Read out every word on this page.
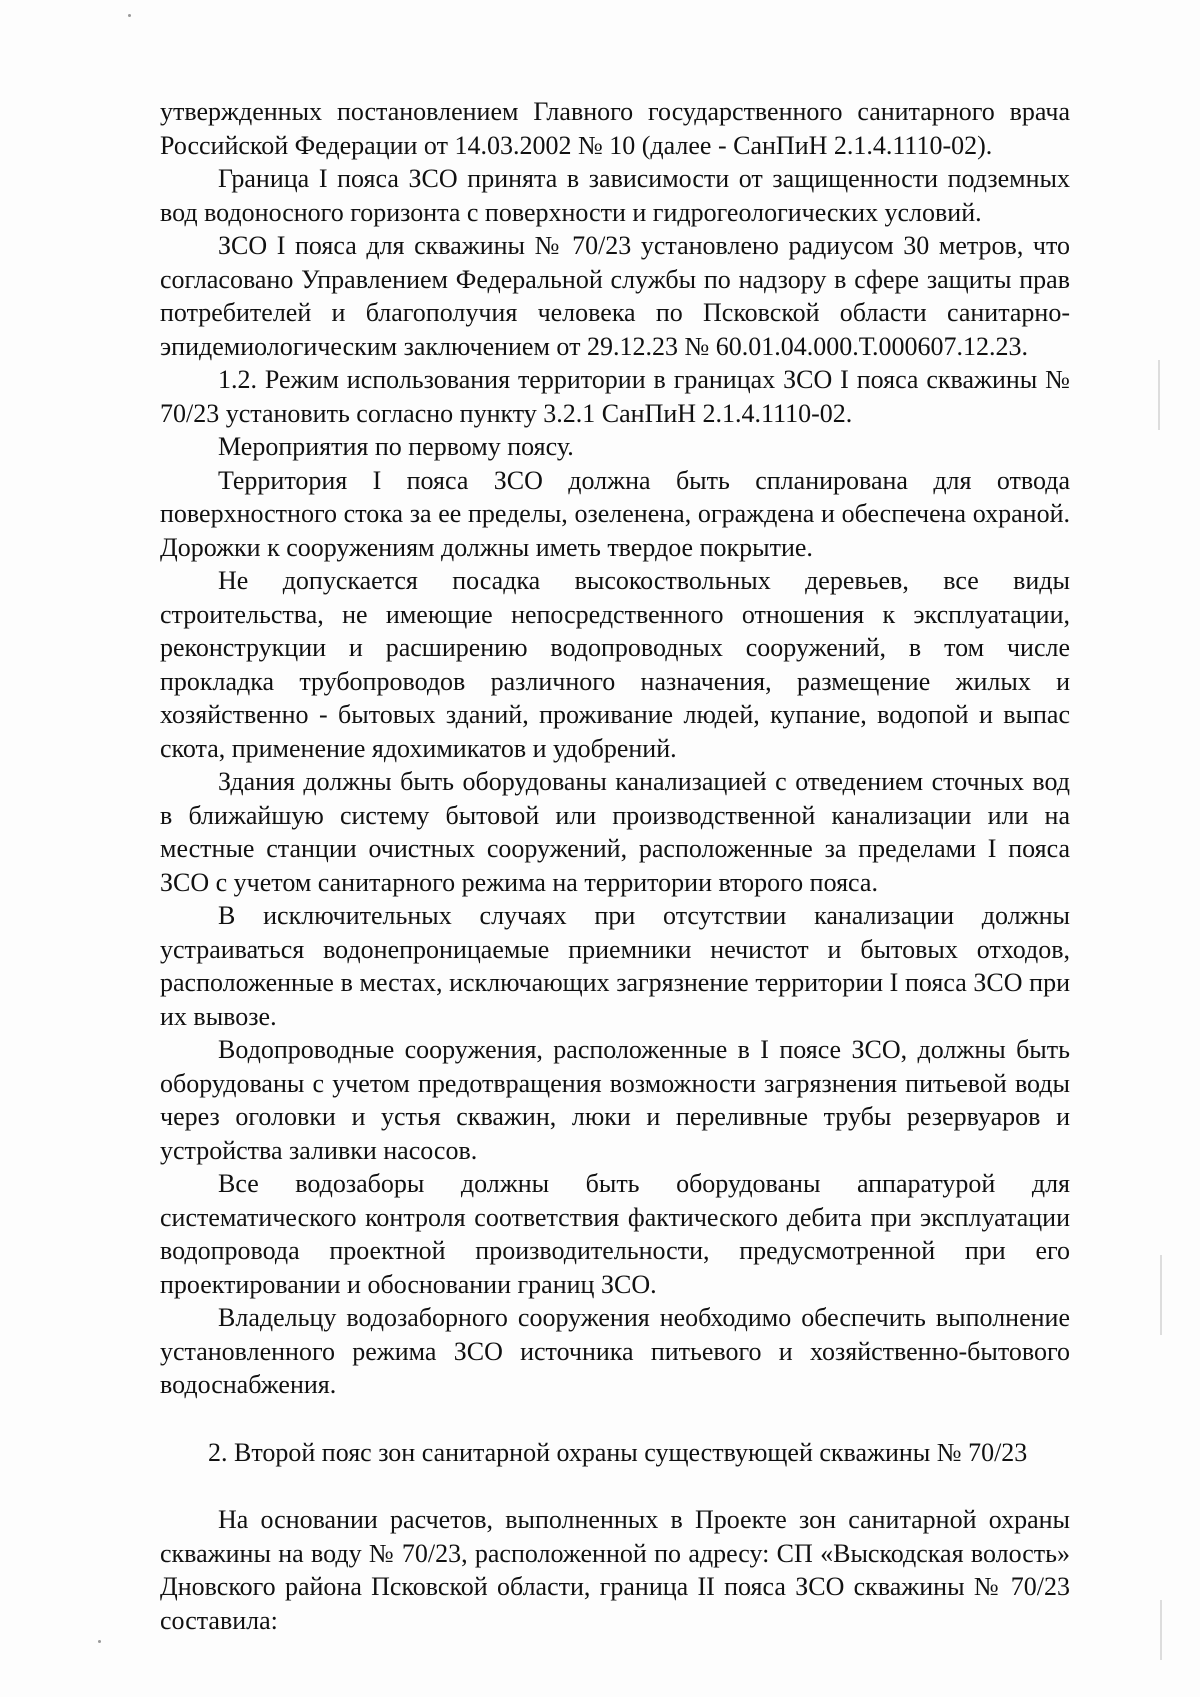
утвержденных постановлением Главного государственного санитарного врача Российской Федерации от 14.03.2002 № 10 (далее - СанПиН 2.1.4.1110-02).

Граница I пояса ЗСО принята в зависимости от защищенности подземных вод водоносного горизонта с поверхности и гидрогеологических условий.

ЗСО I пояса для скважины № 70/23 установлено радиусом 30 метров, что согласовано Управлением Федеральной службы по надзору в сфере защиты прав потребителей и благополучия человека по Псковской области санитарно-эпидемиологическим заключением от 29.12.23 № 60.01.04.000.Т.000607.12.23.

1.2. Режим использования территории в границах ЗСО I пояса скважины № 70/23 установить согласно пункту 3.2.1 СанПиН 2.1.4.1110-02.

Мероприятия по первому поясу.

Территория I пояса ЗСО должна быть спланирована для отвода поверхностного стока за ее пределы, озеленена, ограждена и обеспечена охраной. Дорожки к сооружениям должны иметь твердое покрытие.

Не допускается посадка высокоствольных деревьев, все виды строительства, не имеющие непосредственного отношения к эксплуатации, реконструкции и расширению водопроводных сооружений, в том числе прокладка трубопроводов различного назначения, размещение жилых и хозяйственно - бытовых зданий, проживание людей, купание, водопой и выпас скота, применение ядохимикатов и удобрений.

Здания должны быть оборудованы канализацией с отведением сточных вод в ближайшую систему бытовой или производственной канализации или на местные станции очистных сооружений, расположенные за пределами I пояса ЗСО с учетом санитарного режима на территории второго пояса.

В исключительных случаях при отсутствии канализации должны устраиваться водонепроницаемые приемники нечистот и бытовых отходов, расположенные в местах, исключающих загрязнение территории I пояса ЗСО при их вывозе.

Водопроводные сооружения, расположенные в I поясе ЗСО, должны быть оборудованы с учетом предотвращения возможности загрязнения питьевой воды через оголовки и устья скважин, люки и переливные трубы резервуаров и устройства заливки насосов.

Все водозаборы должны быть оборудованы аппаратурой для систематического контроля соответствия фактического дебита при эксплуатации водопровода проектной производительности, предусмотренной при его проектировании и обосновании границ ЗСО.

Владельцу водозаборного сооружения необходимо обеспечить выполнение установленного режима ЗСО источника питьевого и хозяйственно-бытового водоснабжения.

2. Второй пояс зон санитарной охраны существующей скважины № 70/23

На основании расчетов, выполненных в Проекте зон санитарной охраны скважины на воду № 70/23, расположенной по адресу: СП «Выскодская волость» Дновского района Псковской области, граница II пояса ЗСО скважины № 70/23 составила:
